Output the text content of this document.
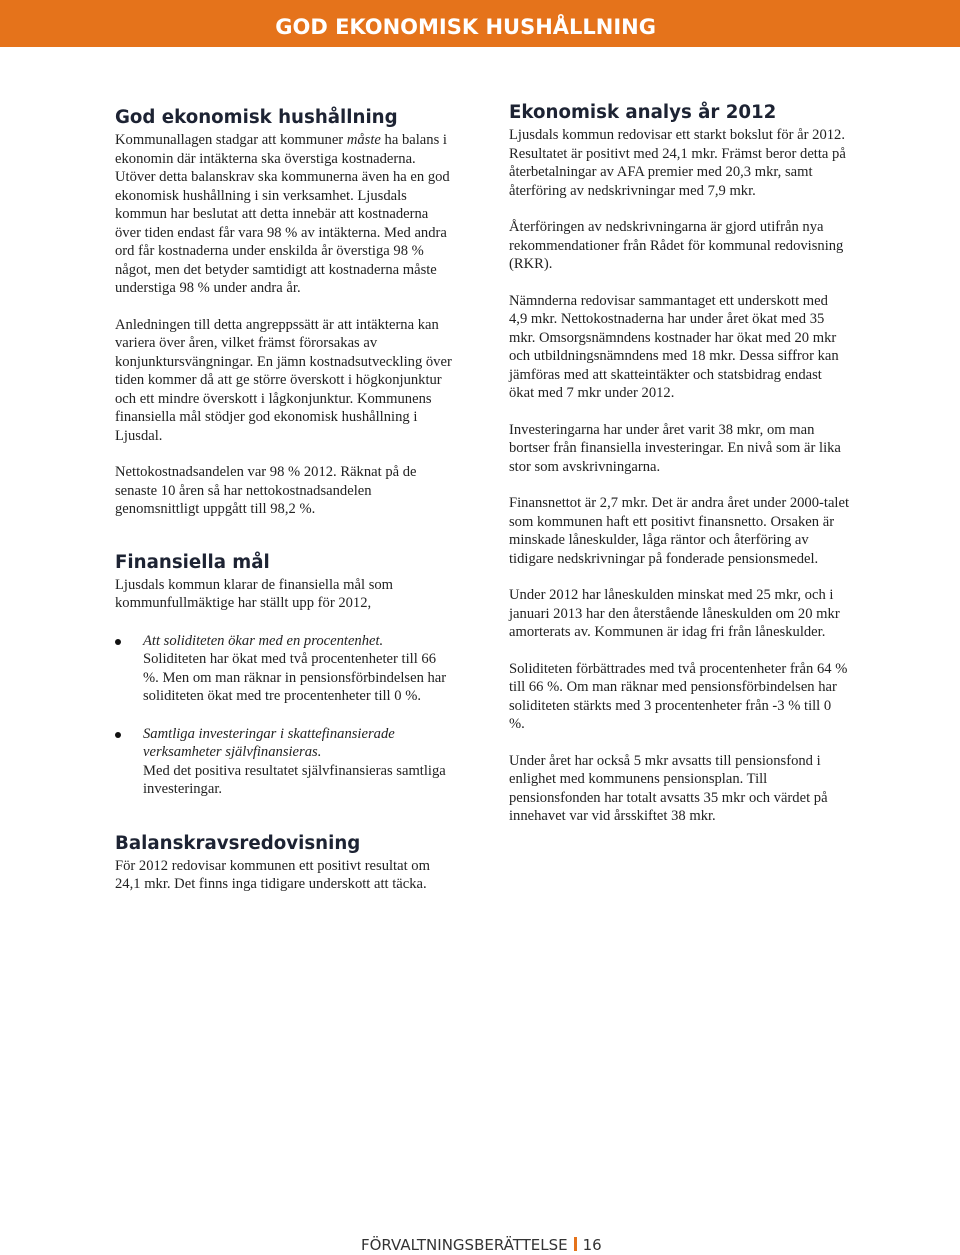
GOD EKONOMISK HUSHÅLLNING
God ekonomisk hushållning

Kommunallagen stadgar att kommuner måste ha balans i ekonomin där intäkterna ska överstiga kostnaderna. Utöver detta balanskrav ska kommunerna även ha en god ekonomisk hushållning i sin verksamhet. Ljusdals kommun har beslutat att detta innebär att kostnaderna över tiden endast får vara 98 % av intäkterna. Med andra ord får kostnaderna under enskilda år överstiga 98 % något, men det betyder samtidigt att kostnaderna måste understiga 98 % under andra år.

Anledningen till detta angreppssätt är att intäkterna kan variera över åren, vilket främst förorsakas av konjunktursvängningar. En jämn kostnadsutveckling över tiden kommer då att ge större överskott i högkonjunktur och ett mindre överskott i lågkonjunktur. Kommunens finansiella mål stödjer god ekonomisk hushållning i Ljusdal.

Nettokostnadsandelen var 98 % 2012. Räknat på de senaste 10 åren så har nettokostnadsandelen genomsnittligt uppgått till 98,2 %.

Finansiella mål

Ljusdals kommun klarar de finansiella mål som kommunfullmäktige har ställt upp för 2012,

Att soliditeten ökar med en procentenhet.
Soliditeten har ökat med två procentenheter till 66 %. Men om man räknar in pensionsförbindelsen har soliditeten ökat med tre procentenheter till 0 %.
Samtliga investeringar i skattefinansierade verksamheter självfinansieras.
Med det positiva resultatet självfinansieras samtliga investeringar.
Balanskravsredovisning

För 2012 redovisar kommunen ett positivt resultat om 24,1 mkr. Det finns inga tidigare underskott att täcka.

Ekonomisk analys år 2012

Ljusdals kommun redovisar ett starkt bokslut för år 2012. Resultatet är positivt med 24,1 mkr. Främst beror detta på återbetalningar av AFA premier med 20,3 mkr, samt återföring av nedskrivningar med 7,9 mkr.

Återföringen av nedskrivningarna är gjord utifrån nya rekommendationer från Rådet för kommunal redovisning (RKR).

Nämnderna redovisar sammantaget ett underskott med 4,9 mkr. Nettokostnaderna har under året ökat med 35 mkr. Omsorgsnämndens kostnader har ökat med 20 mkr och utbildningsnämndens med 18 mkr. Dessa siffror kan jämföras med att skatteintäkter och statsbidrag endast ökat med 7 mkr under 2012.

Investeringarna har under året varit 38 mkr, om man bortser från finansiella investeringar. En nivå som är lika stor som avskrivningarna.

Finansnettot är 2,7 mkr. Det är andra året under 2000-talet som kommunen haft ett positivt finansnetto. Orsaken är minskade låneskulder, låga räntor och återföring av tidigare nedskrivningar på fonderade pensionsmedel.

Under 2012 har låneskulden minskat med 25 mkr, och i januari 2013 har den återstående låneskulden om 20 mkr amorterats av. Kommunen är idag fri från låneskulder.

Soliditeten förbättrades med två procentenheter från 64 % till 66 %. Om man räknar med pensionsförbindelsen har soliditeten stärkts med 3 procentenheter från -3 % till 0 %.

Under året har också 5 mkr avsatts till pensionsfond i enlighet med kommunens pensionsplan. Till pensionsfonden har totalt avsatts 35 mkr och värdet på innehavet var vid årsskiftet 38 mkr.

FÖRVALTNINGSBERÄTTELSE 16
